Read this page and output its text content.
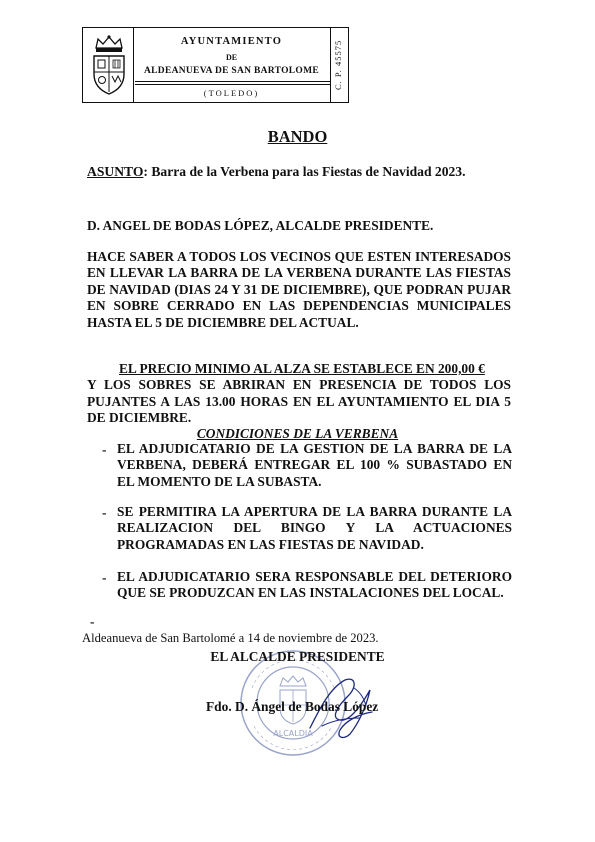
AYUNTAMIENTO
DE
ALDEANUEVA DE SAN BARTOLOME
(TOLEDO)
C. P. 45575
BANDO
ASUNTO: Barra de la Verbena para las Fiestas de Navidad 2023.
D. ANGEL DE BODAS LÓPEZ, ALCALDE PRESIDENTE.
HACE SABER A TODOS LOS VECINOS QUE ESTEN INTERESADOS EN LLEVAR LA BARRA DE LA VERBENA DURANTE LAS FIESTAS DE NAVIDAD (DIAS 24 Y 31 DE DICIEMBRE), QUE PODRAN PUJAR EN SOBRE CERRADO EN LAS DEPENDENCIAS MUNICIPALES HASTA EL 5 DE DICIEMBRE DEL ACTUAL.
EL PRECIO MINIMO AL ALZA SE ESTABLECE EN 200,00 €
Y LOS SOBRES SE ABRIRAN EN PRESENCIA DE TODOS LOS PUJANTES A LAS 13.00 HORAS EN EL AYUNTAMIENTO EL DIA 5 DE DICIEMBRE.
CONDICIONES DE LA VERBENA
- EL ADJUDICATARIO DE LA GESTION DE LA BARRA DE LA VERBENA, DEBERÁ ENTREGAR EL 100 % SUBASTADO EN EL MOMENTO DE LA SUBASTA.
- SE PERMITIRA LA APERTURA DE LA BARRA DURANTE LA REALIZACION DEL BINGO Y LA ACTUACIONES PROGRAMADAS EN LAS FIESTAS DE NAVIDAD.
- EL ADJUDICATARIO SERA RESPONSABLE DEL DETERIORO QUE SE PRODUZCAN EN LAS INSTALACIONES DEL LOCAL.
-
Aldeanueva de San Bartolomé a 14 de noviembre de 2023.
ALCALDIA
EL ALCALDE PRESIDENTE
Fdo. D. Ángel de Bodas López
